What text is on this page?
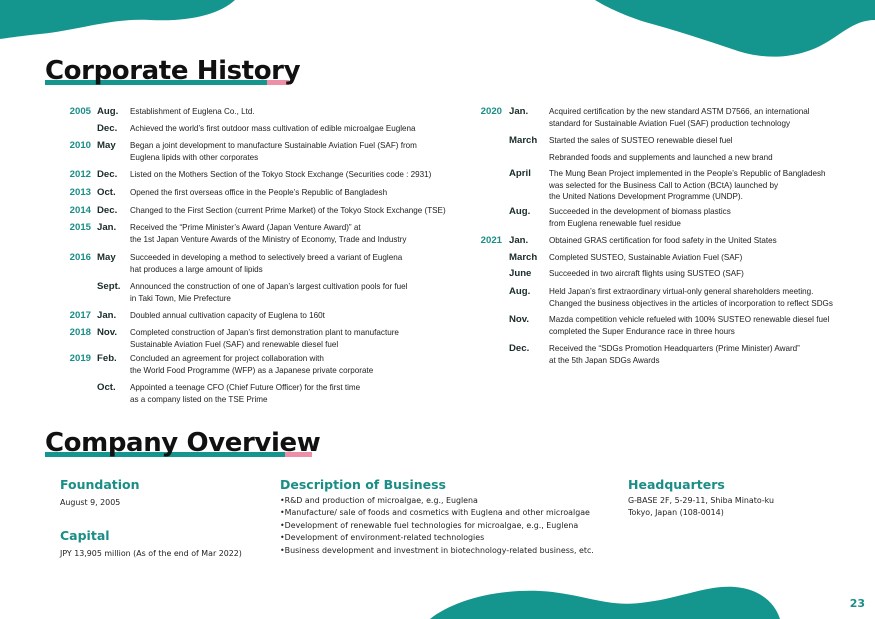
Corporate History
2005 Aug. Establishment of Euglena Co., Ltd.
Dec. Achieved the world’s first outdoor mass cultivation of edible microalgae Euglena
2010 May Began a joint development to manufacture Sustainable Aviation Fuel (SAF) from
Euglena lipids with other corporates
2012 Dec. Listed on the Mothers Section of the Tokyo Stock Exchange (Securities code : 2931)
2013 Oct. Opened the first overseas office in the People’s Republic of Bangladesh
2014 Dec. Changed to the First Section (current Prime Market) of the Tokyo Stock Exchange (TSE)
2015 Jan. Received the “Prime Minister’s Award (Japan Venture Award)” at
the 1st Japan Venture Awards of the Ministry of Economy, Trade and Industry
2016 May Succeeded in developing a method to selectively breed a variant of Euglena
hat produces a large amount of lipids
Sept. Announced the construction of one of Japan’s largest cultivation pools for fuel
in Taki Town, Mie Prefecture
2017 Jan. Doubled annual cultivation capacity of Euglena to 160t
2018 Nov. Completed construction of Japan’s first demonstration plant to manufacture
Sustainable Aviation Fuel (SAF) and renewable diesel fuel
2019 Feb. Concluded an agreement for project collaboration with
the World Food Programme (WFP) as a Japanese private corporate
Oct. Appointed a teenage CFO (Chief Future Officer) for the first time
as a company listed on the TSE Prime
2020 Jan.	Acquired certification by the new standard ASTM D7566, an international
standard for Sustainable Aviation Fuel (SAF) production technology
March Started the sales of SUSTEO renewable diesel fuel
Rebranded foods and supplements and launched a new brand
April The Mung Bean Project implemented in the People’s Republic of Bangladesh
was selected for the Business Call to Action (BCtA) launched by
the United Nations Development Programme (UNDP).
Aug. Succeeded in the development of biomass plastics
from Euglena renewable fuel residue
2021 Jan.	Obtained GRAS certification for food safety in the United States
March Completed SUSTEO, Sustainable Aviation Fuel (SAF)
June Succeeded in two aircraft flights using SUSTEO (SAF)
Aug. Held Japan’s first extraordinary virtual-only general shareholders meeting.
Changed the business objectives in the articles of incorporation to reflect SDGs
Nov. Mazda competition vehicle refueled with 100% SUSTEO renewable diesel fuel
completed the Super Endurance race in three hours
Dec. Received the “SDGs Promotion Headquarters (Prime Minister) Award”
at the 5th Japan SDGs Awards
Company Overview
Foundation
August 9, 2005
Capital
JPY 13,905 million (As of the end of Mar 2022)
Description of Business
•R&D and production of microalgae, e.g., Euglena
•Manufacture/ sale of foods and cosmetics with Euglena and other microalgae
•Development of renewable fuel technologies for microalgae, e.g., Euglena
•Development of environment-related technologies
•Business development and investment in biotechnology-related business, etc.
Headquarters
G-BASE 2F, 5-29-11, Shiba Minato-ku
Tokyo, Japan (108-0014)
23
